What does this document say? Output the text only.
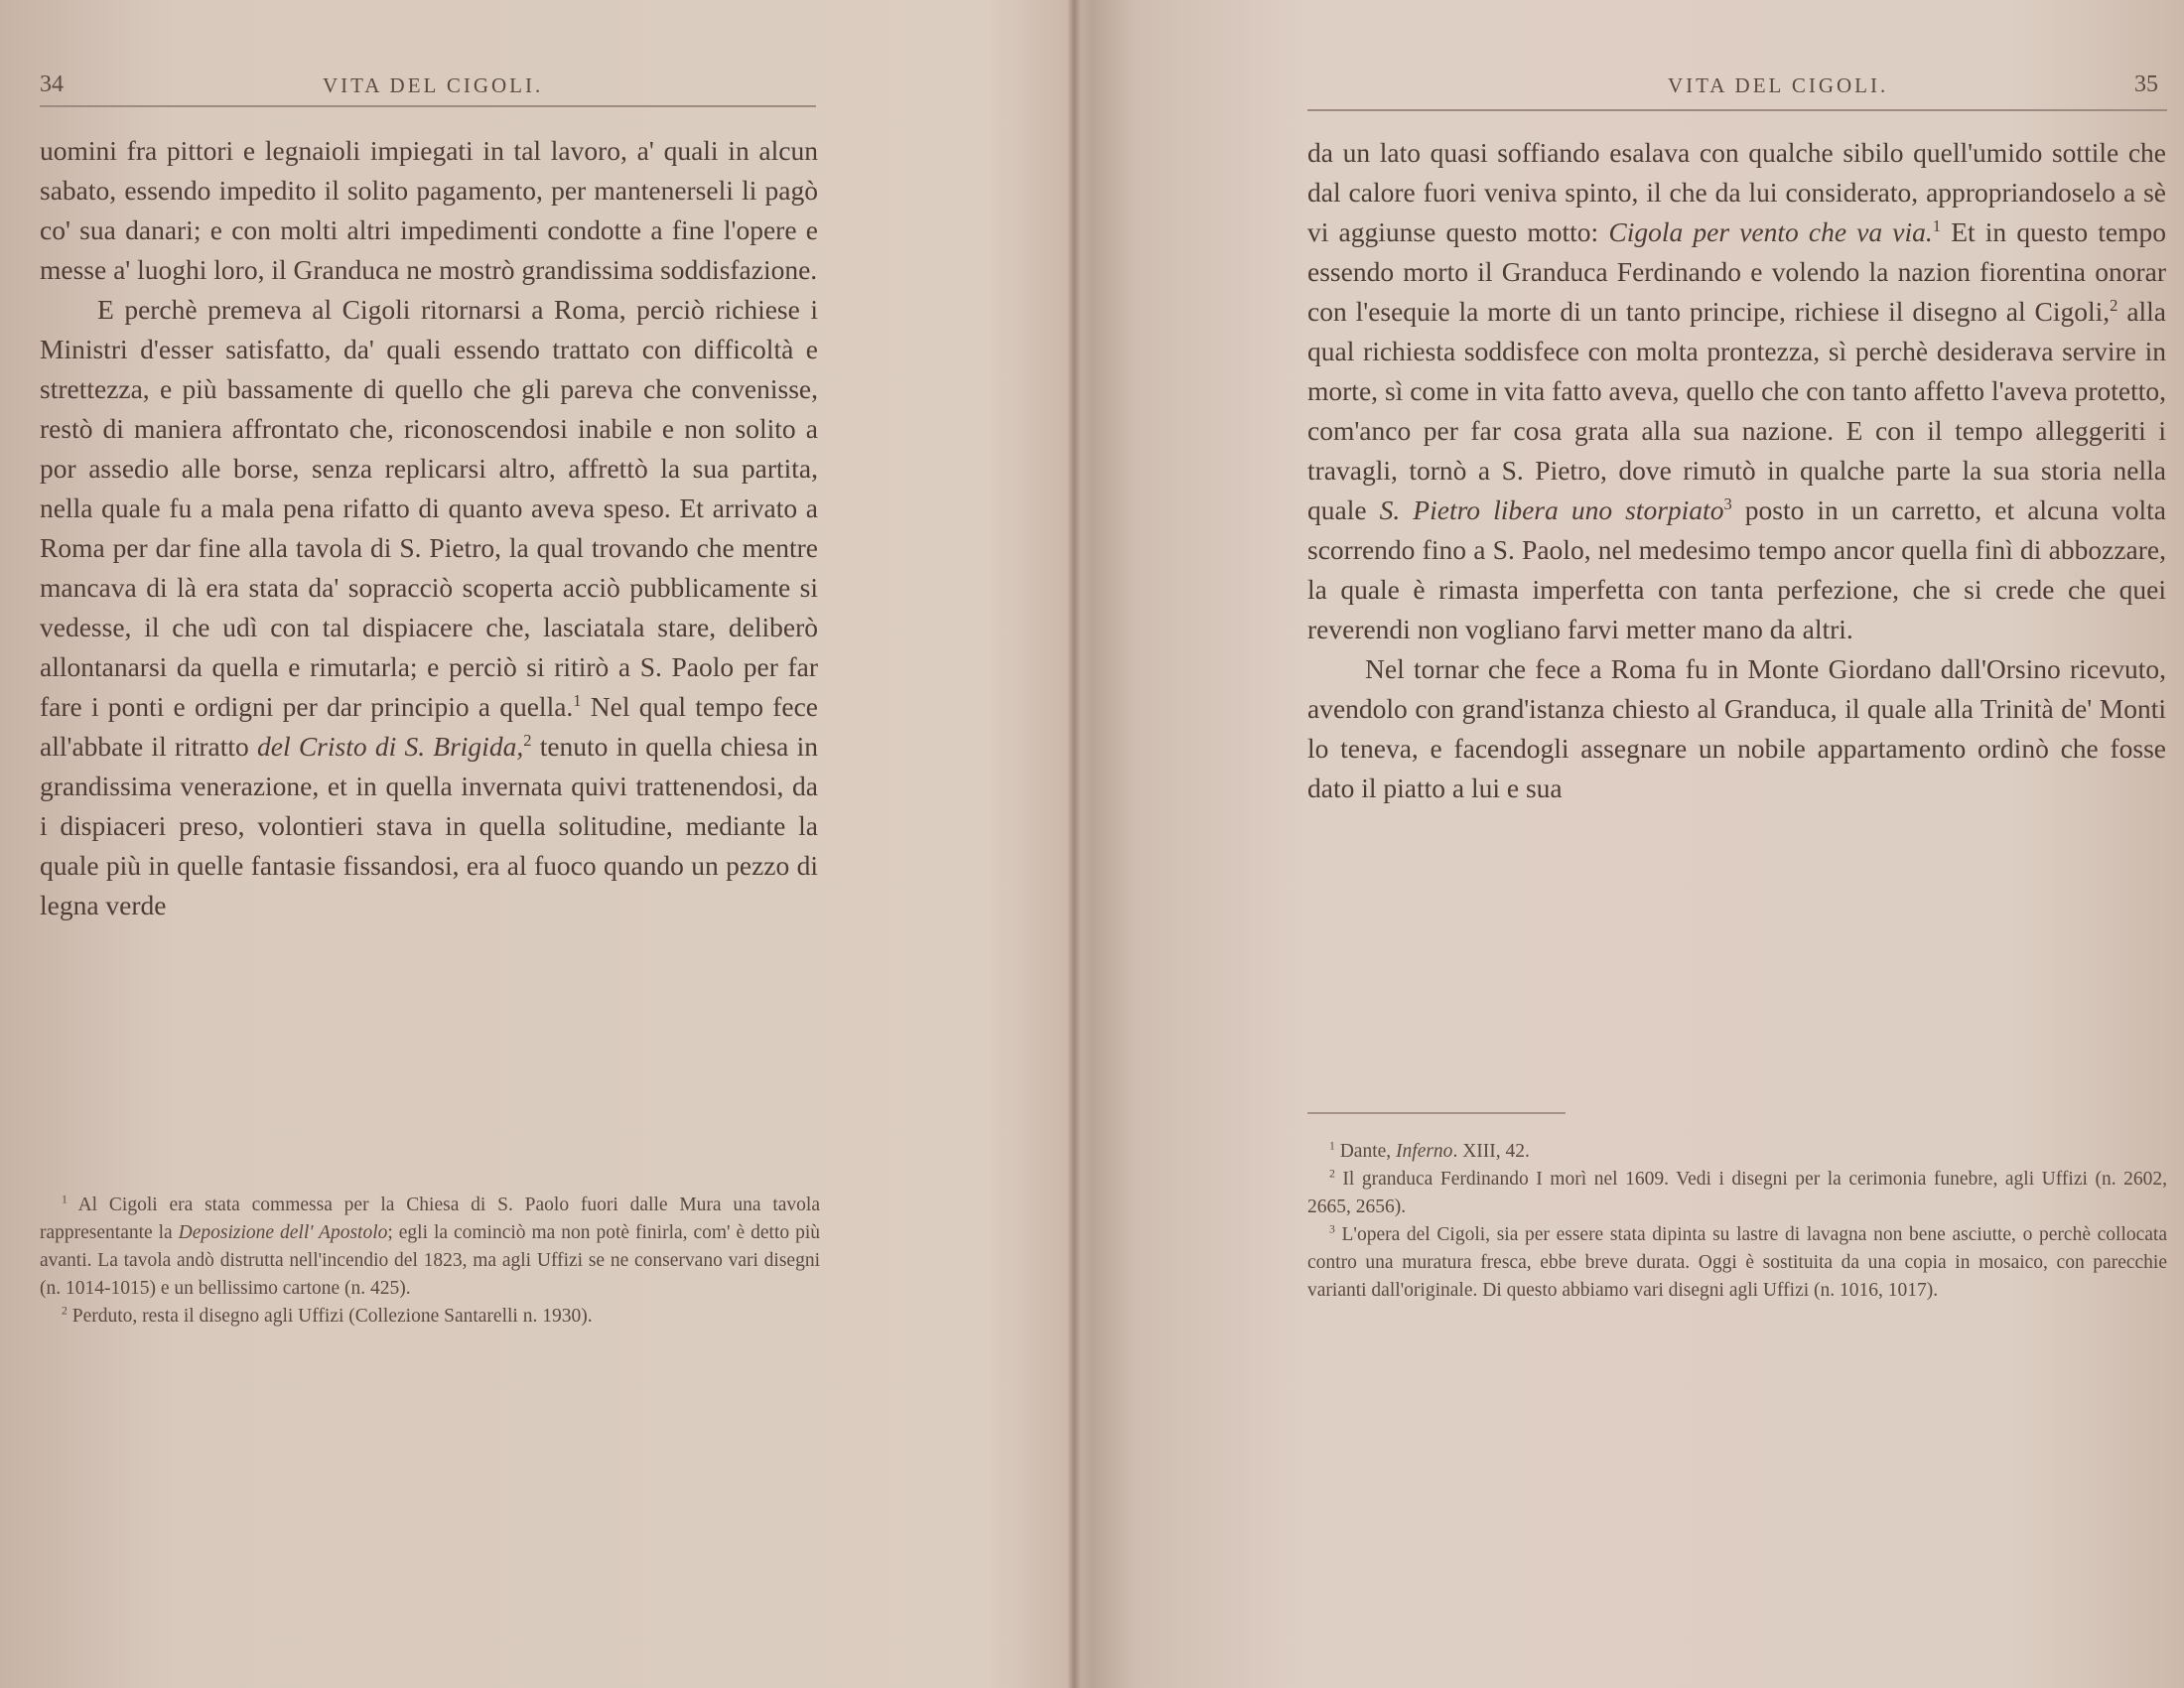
34	VITA DEL CIGOLI.

uomini fra pittori e legnaioli impiegati in tal lavoro, a' quali in alcun sabato, essendo impedito il solito pagamento, per mantenerseli li pagò co' sua danari; e con molti altri impedimenti condotte a fine l'opere e messe a' luoghi loro, il Granduca ne mostrò grandissima soddisfazione.

E perchè premeva al Cigoli ritornarsi a Roma, perciò richiese i Ministri d'esser satisfatto, da' quali essendo trattato con difficoltà e strettezza, e più bassamente di quello che gli pareva che convenisse, restò di maniera affrontato che, riconoscendosi inabile e non solito a por assedio alle borse, senza replicarsi altro, affrettò la sua partita, nella quale fu a mala pena rifatto di quanto aveva speso. Et arrivato a Roma per dar fine alla tavola di S. Pietro, la qual trovando che mentre mancava di là era stata da' sopracciò scoperta acciò pubblicamente si vedesse, il che udì con tal dispiacere che, lasciatala stare, deliberò allontanarsi da quella e rimutarla; e perciò si ritirò a S. Paolo per far fare i ponti e ordigni per dar principio a quella.$^1$ Nel qual tempo fece all'abbate il ritratto del Cristo di S. Brigida,$^2$ tenuto in quella chiesa in grandissima venerazione, et in quella invernata quivi trattenendosi, da i dispiaceri preso, volontieri stava in quella solitudine, mediante la quale più in quelle fantasie fissandosi, era al fuoco quando un pezzo di legna verde

$^1$ Al Cigoli era stata commessa per la Chiesa di S. Paolo fuori dalle Mura una tavola rappresentante la Deposizione dell' Apostolo; egli la cominciò ma non potè finirla, com' è detto più avanti. La tavola andò distrutta nell'incendio del 1823, ma agli Uffizi se ne conservano vari disegni (n. 1014-1015) e un bellissimo cartone (n. 425).

$^2$ Perduto, resta il disegno agli Uffizi (Collezione Santarelli n. 1930).

VITA DEL CIGOLI.	35

da un lato quasi soffiando esalava con qualche sibilo quell'umido sottile che dal calore fuori veniva spinto, il che da lui considerato, appropriandoselo a sè vi aggiunse questo motto: Cigola per vento che va via.$^1$ Et in questo tempo essendo morto il Granduca Ferdinando e volendo la nazion fiorentina onorar con l'esequie la morte di un tanto principe, richiese il disegno al Cigoli,$^2$ alla qual richiesta soddisfece con molta prontezza, sì perchè desiderava servire in morte, sì come in vita fatto aveva, quello che con tanto affetto l'aveva protetto, com'anco per far cosa grata alla sua nazione. E con il tempo alleggeriti i travagli, tornò a S. Pietro, dove rimutò in qualche parte la sua storia nella quale S. Pietro libera uno storpiato$^3$ posto in un carretto, et alcuna volta scorrendo fino a S. Paolo, nel medesimo tempo ancor quella finì di abbozzare, la quale è rimasta imperfetta con tanta perfezione, che si crede che quei reverendi non vogliano farvi metter mano da altri.

Nel tornar che fece a Roma fu in Monte Giordano dall'Orsino ricevuto, avendolo con grand'istanza chiesto al Granduca, il quale alla Trinità de' Monti lo teneva, e facendogli assegnare un nobile appartamento ordinò che fosse dato il piatto a lui e sua

$^1$ Dante, Inferno. XIII, 42.

$^2$ Il granduca Ferdinando I morì nel 1609. Vedi i disegni per la cerimonia funebre, agli Uffizi (n. 2602, 2665, 2656).

$^3$ L'opera del Cigoli, sia per essere stata dipinta su lastre di lavagna non bene asciutte, o perchè collocata contro una muratura fresca, ebbe breve durata. Oggi è sostituita da una copia in mosaico, con parecchie varianti dall'originale. Di questo abbiamo vari disegni agli Uffizi (n. 1016, 1017).
